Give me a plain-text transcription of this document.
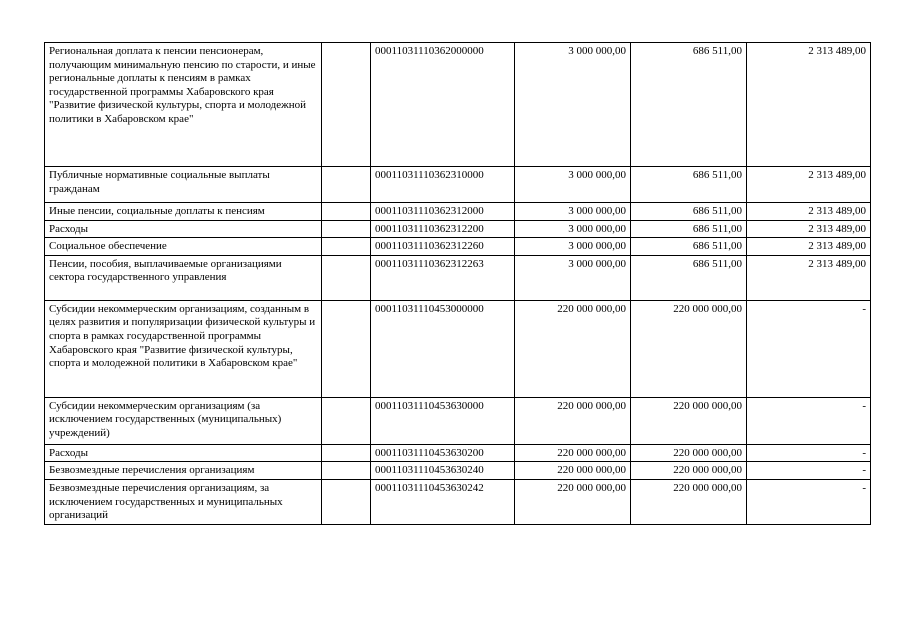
Региональная доплата к пенсии пенсионерам, получающим минимальную пенсию по старости, и иные региональные доплаты к пенсиям в рамках государственной программы Хабаровского края "Развитие физической культуры, спорта и молодежной политики в Хабаровском крае"		00011031110362000000	3 000 000,00	686 511,00	2 313 489,00
Публичные нормативные социальные выплаты гражданам		00011031110362310000	3 000 000,00	686 511,00	2 313 489,00
Иные пенсии, социальные доплаты к пенсиям		00011031110362312000	3 000 000,00	686 511,00	2 313 489,00
Расходы		00011031110362312200	3 000 000,00	686 511,00	2 313 489,00
Социальное обеспечение		00011031110362312260	3 000 000,00	686 511,00	2 313 489,00
Пенсии, пособия, выплачиваемые организациями сектора государственного управления		00011031110362312263	3 000 000,00	686 511,00	2 313 489,00
Субсидии некоммерческим организациям, созданным в целях развития и популяризации физической культуры и спорта в рамках государственной программы Хабаровского края "Развитие физической культуры, спорта и молодежной политики в Хабаровском крае"		00011031110453000000	220 000 000,00	220 000 000,00	-
Субсидии некоммерческим организациям (за исключением государственных (муниципальных) учреждений)		00011031110453630000	220 000 000,00	220 000 000,00	-
Расходы		00011031110453630200	220 000 000,00	220 000 000,00	-
Безвозмездные перечисления организациям		00011031110453630240	220 000 000,00	220 000 000,00	-
Безвозмездные перечисления организациям, за исключением государственных и муниципальных организаций		00011031110453630242	220 000 000,00	220 000 000,00	-
